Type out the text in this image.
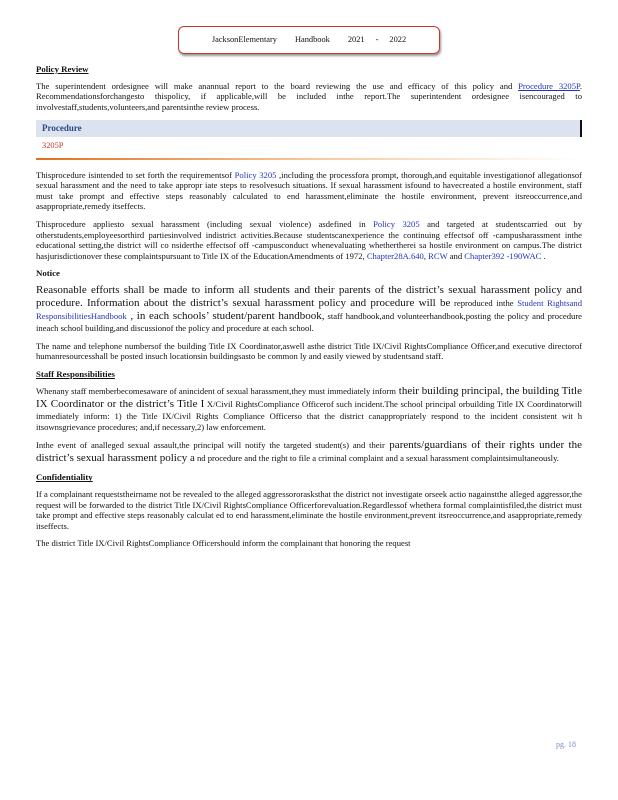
JacksonElementary Handbook 2021 - 2022
Policy Review

The superintendent ordesignee will make anannual report to the board reviewing the use and efficacy of this policy and Procedure 3205P. Recommendationsforchangesto thispolicy, if applicable,will be included inthe report.The superintendent ordesignee isencouraged to involvestaff,students,volunteers,and parentsinthe review process.

Procedure
3205P

Thisprocedure isintended to set forth the requirementsof Policy 3205 ,including the processfora prompt, thorough,and equitable investigationof allegationsof sexual harassment and the need to take appropr iate steps to resolvesuch situations. If sexual harassment isfound to havecreated a hostile environment, staff must take prompt and effective steps reasonably calculated to end harassment,eliminate the hostile environment, prevent itsreoccurrence,and asappropriate,remedy itseffects.

Thisprocedure appliesto sexual harassment (including sexual violence) asdefined in Policy 3205 and targeted at studentscarried out by otherstudents,employeesorthird partiesinvolved indistrict activities.Because studentscanexperience the continuing effectsof off -campusharassment inthe educational setting,the district will co nsiderthe effectsof off -campusconduct whenevaluating whethertherei sa hostile environment on campus.The district hasjurisdictionover these complaintspursuant to Title IX of the EducationAmendments of 1972, Chapter28A.640, RCW and Chapter392 -190WAC .

Notice

Reasonable efforts shall be made to inform all students and their parents of the district’s sexual harassment policy and procedure. Information about the district’s sexual harassment policy and procedure will be reproduced inthe Student Rightsand ResponsibilitiesHandbook , in each schools’ student/parent handbook, staff handbook,and volunteerhandbook,posting the policy and procedure ineach school building,and discussionof the policy and procedure at each school.

The name and telephone numbersof the building Title IX Coordinator,aswell asthe district Title IX/Civil RightsCompliance Officer,and executive directorof humanresourcesshall be posted insuch locationsin buildingsasto be common ly and easily viewed by studentsand staff.

Staff Responsibilities

Whenany staff memberbecomesaware of anincident of sexual harassment,they must immediately inform their building principal, the building Title IX Coordinator or the district’s Title I X/Civil RightsCompliance Officerof such incident.The school principal orbuilding Title IX Coordinatorwill immediately inform: 1) the Title IX/Civil Rights Compliance Officerso that the district canappropriately respond to the incident consistent wit h itsownsgrievance procedures; and,if necessary,2) law enforcement.

Inthe event of analleged sexual assault,the principal will notify the targeted student(s) and their parents/guardians of their rights under the district’s sexual harassment policy a nd procedure and the right to file a criminal complaint and a sexual harassment complaintsimultaneously.

Confidentiality

If a complainant requeststheirname not be revealed to the alleged aggressororasksthat the district not investigate orseek actio nagainstthe alleged aggressor,the request will be forwarded to the district Title IX/Civil RightsCompliance Officerforevaluation.Regardlessof whethera formal complaintisfiled,the district must take prompt and effective steps reasonably calculat ed to end harassment,eliminate the hostile environment,prevent itsreoccurrence,and asappropriate,remedy itseffects.

The district Title IX/Civil RightsCompliance Officershould inform the complainant that honoring the request

pg. 18
